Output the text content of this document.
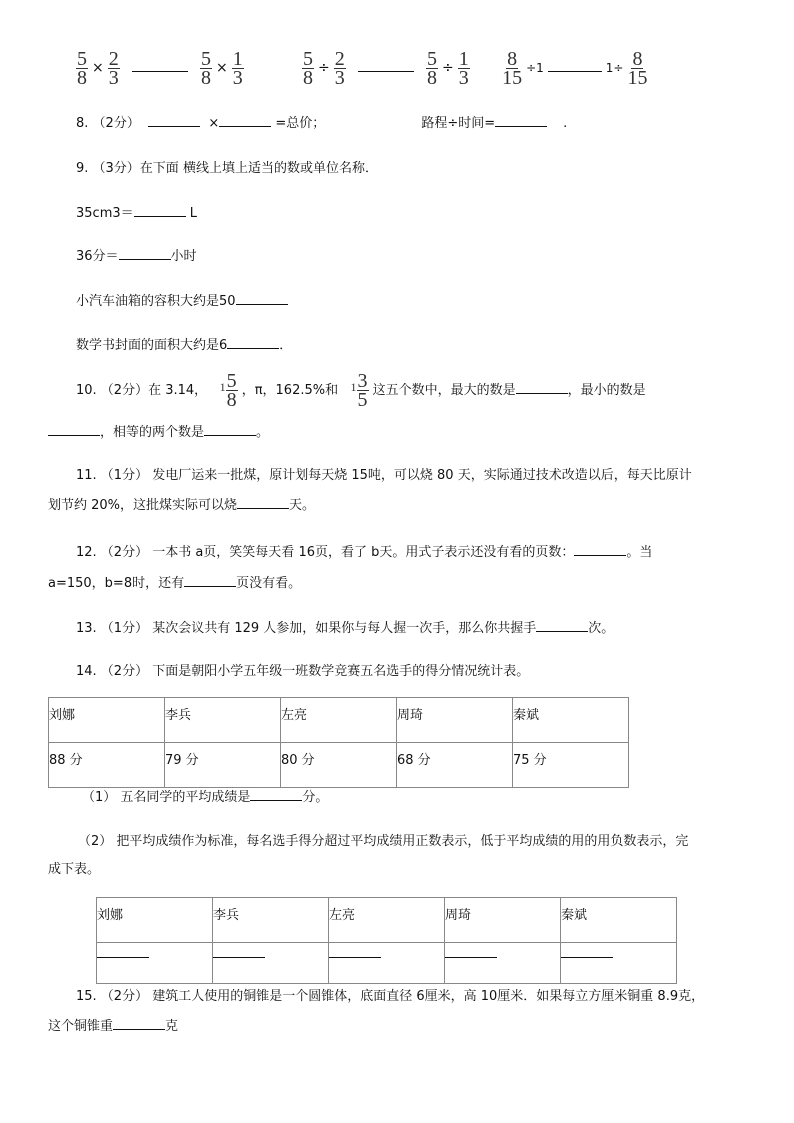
$\frac{5}{8} \times \frac{2}{3}$
	$\frac{5}{8} \times \frac{1}{3}$
	$\frac{5}{8} \div \frac{2}{3}$
	$\frac{5}{8} \div \frac{1}{3}$
$\frac{8}{15} \div 1$	$1\div \frac{8}{15}$
8. （2分）	×	=总价；	路程÷时间=	.
9. （3分）在下面 横线上填上适当的数或单位名称．
35cm3＝	L
36分＝	小时
小汽车油箱的容积大约是50
数学书封面的面积大约是6	．
10. （2分）在 3.14， $1 \frac{5}{8}$ ，π，162.5%和 $1 \frac{3}{5}$ 这五个数中，最大的数是	，最小的数是
，相等的两个数是	。
11. （1分） 发电厂运来一批煤，原计划每天烧 15吨，可以烧 80 天，实际通过技术改造以后，每天比原计
划节约 20%，这批煤实际可以烧	天。
12. （2分） 一本书 a页，笑笑每天看 16页，看了 b天。用式子表示还没有看的页数：	。当
a=150，b=8时，还有	页没有看。
13. （1分） 某次会议共有 129 人参加，如果你与每人握一次手，那么你共握手	次。
14. （2分） 下面是朝阳小学五年级一班数学竞赛五名选手的得分情况统计表。
刘娜	李兵	左亮	周琦	秦斌
88 分	79 分	80 分	68 分	75 分
（1） 五名同学的平均成绩是	分。
（2） 把平均成绩作为标准，每名选手得分超过平均成绩用正数表示，低于平均成绩的用的用负数表示，完
成下表。
刘娜	李兵	左亮	周琦	秦斌

15. （2分） 建筑工人使用的铜锥是一个圆锥体，底面直径 6厘米，高 10厘米．如果每立方厘米铜重 8.9克，
这个铜锥重	克
